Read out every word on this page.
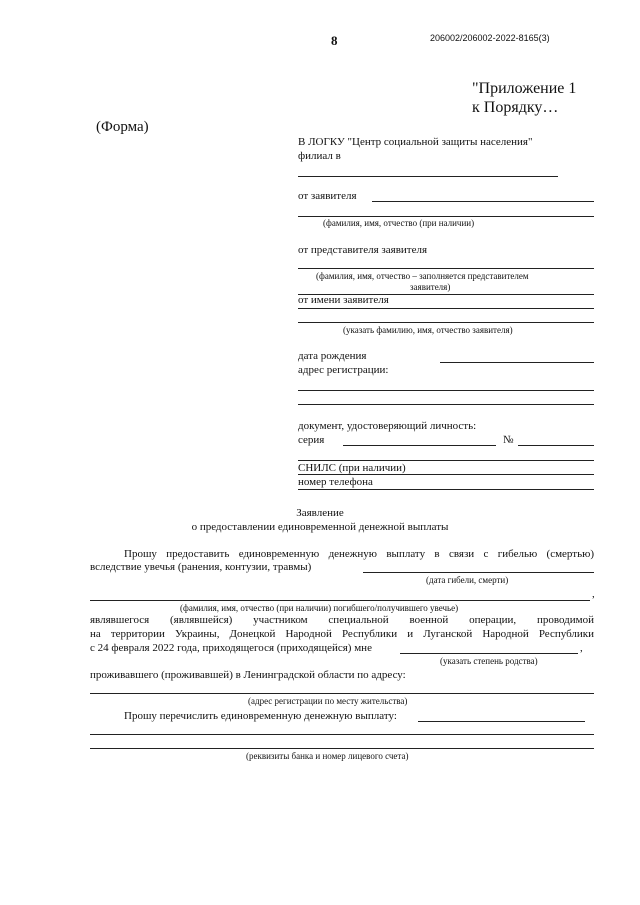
8	206002/206002-2022-8165(3)
"Приложение 1
к Порядку…
(Форма)
В ЛОГКУ "Центр социальной защиты населения"
филиал в
от заявителя
(фамилия, имя, отчество (при наличии)
от представителя заявителя
(фамилия, имя, отчество – заполняется представителем
заявителя)
от имени заявителя
(указать фамилию, имя, отчество заявителя)
дата рождения
адрес регистрации:
документ, удостоверяющий личность:
серия	№
СНИЛС (при наличии)
номер телефона
Заявление
о предоставлении единовременной денежной выплаты
Прошу предоставить единовременную денежную выплату в связи с гибелью (смертью)
вследствие увечья (ранения, контузии, травмы)
(дата гибели, смерти)
,
(фамилия, имя, отчество (при наличии) погибшего/получившего увечье)
являвшегося (являвшейся) участником специальной военной операции, проводимой
на территории Украины, Донецкой Народной Республики и Луганской Народной Республики
с 24 февраля 2022 года, приходящегося (приходящейся) мне	,
(указать степень родства)
проживавшего (проживавшей) в Ленинградской области по адресу:
(адрес регистрации по месту жительства)
Прошу перечислить единовременную денежную выплату:
(реквизиты банка и номер лицевого счета)
